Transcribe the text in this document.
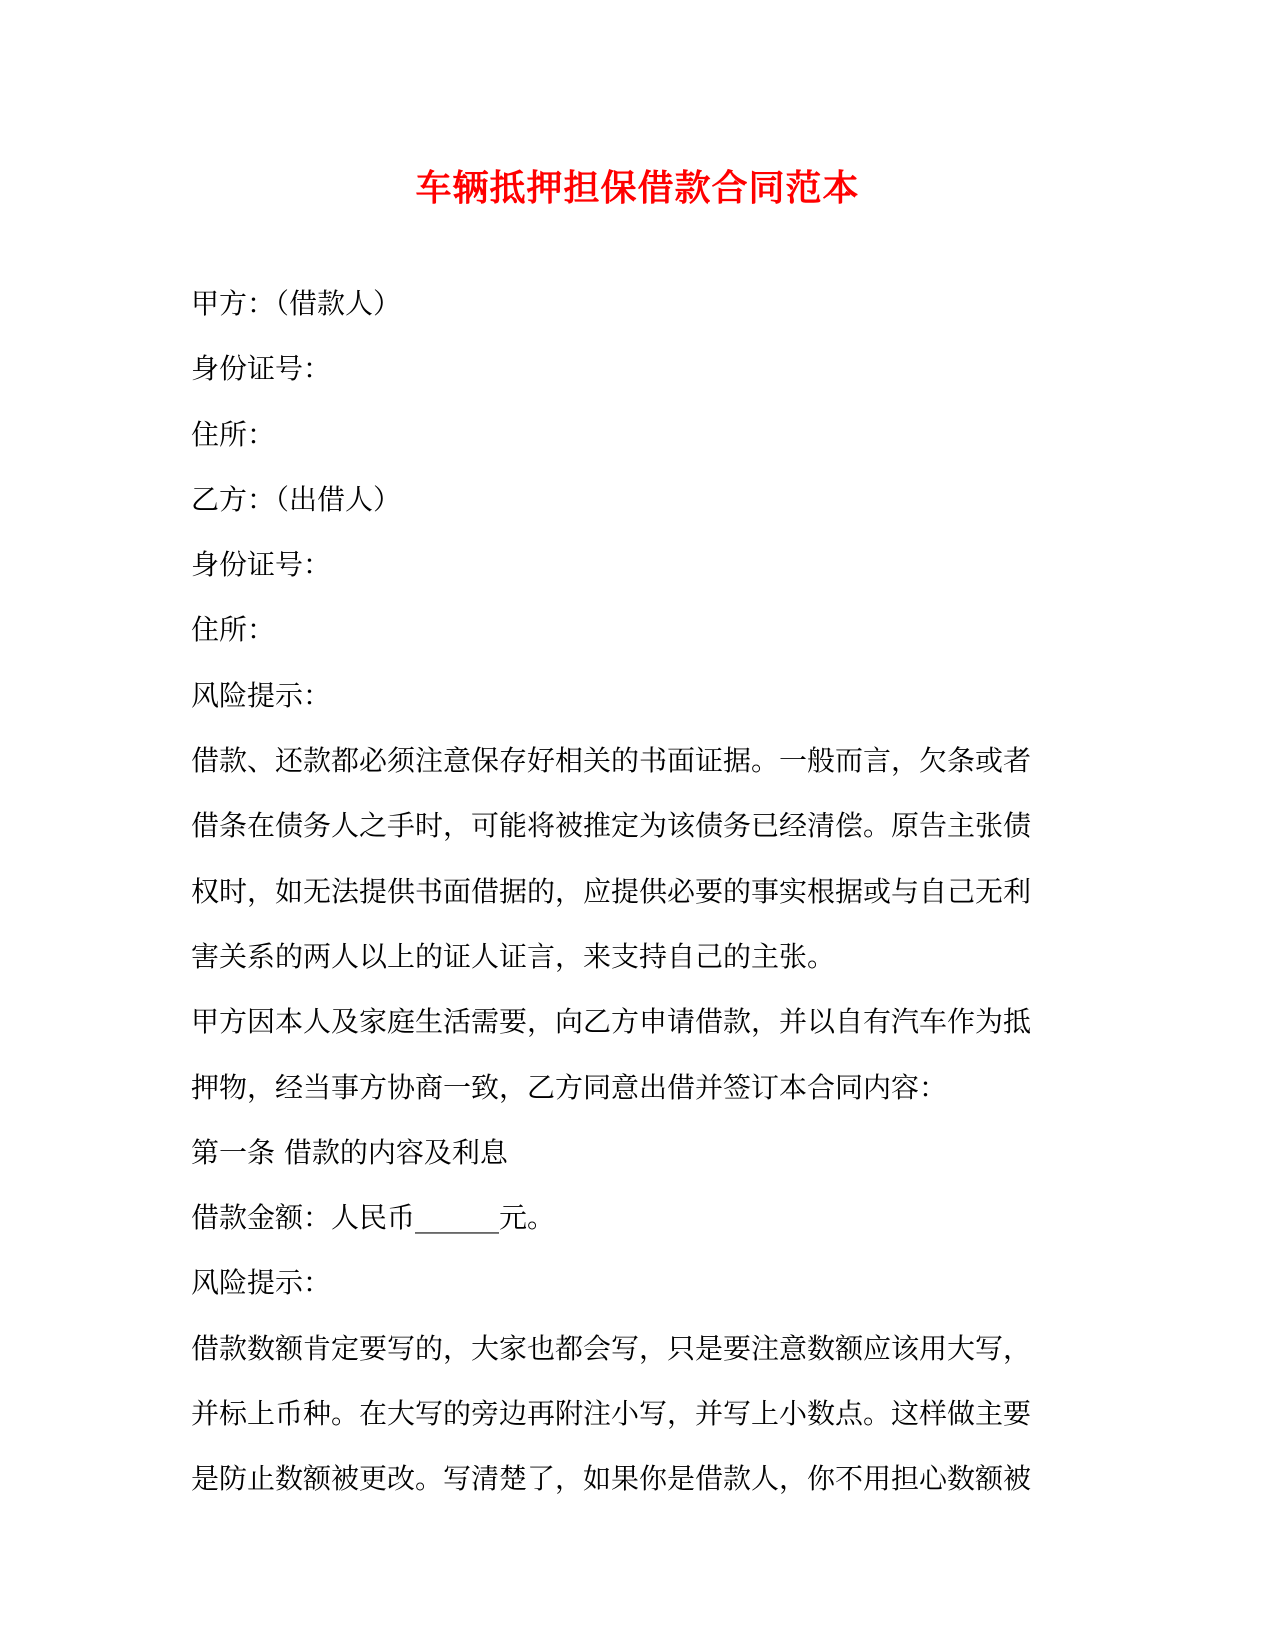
车辆抵押担保借款合同范本
甲方：（借款人）
身份证号：
住所：
乙方：（出借人）
身份证号：
住所：
风险提示：
借款、还款都必须注意保存好相关的书面证据。一般而言，欠条或者
借条在债务人之手时，可能将被推定为该债务已经清偿。原告主张债
权时，如无法提供书面借据的，应提供必要的事实根据或与自己无利
害关系的两人以上的证人证言，来支持自己的主张。
甲方因本人及家庭生活需要，向乙方申请借款，并以自有汽车作为抵
押物，经当事方协商一致，乙方同意出借并签订本合同内容：
第一条 借款的内容及利息
借款金额：人民币______元。
风险提示：
借款数额肯定要写的，大家也都会写，只是要注意数额应该用大写，
并标上币种。在大写的旁边再附注小写，并写上小数点。这样做主要
是防止数额被更改。写清楚了，如果你是借款人，你不用担心数额被
